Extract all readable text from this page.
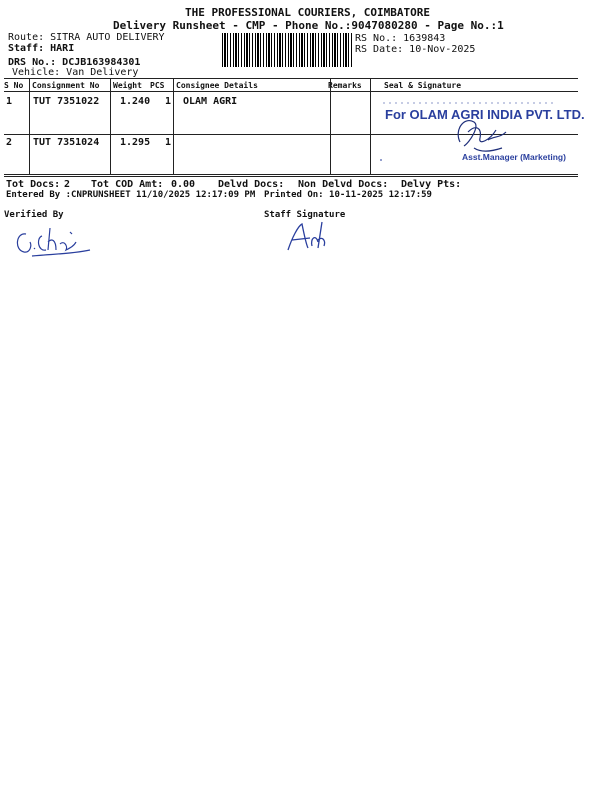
THE PROFESSIONAL COURIERS, COIMBATORE
Delivery Runsheet - CMP - Phone No.:9047080280 - Page No.:1
Route: SITRA AUTO DELIVERY
Staff: HARI
DRS No.: DCJB163984301
Vehicle: Van Delivery
RS No.: 1639843
RS Date: 10-Nov-2025
S No Consignment No Weight PCS Consignee Details	Remarks	Seal & Signature
1 TUT 7351022 1.240 1 OLAM AGRI
2 TUT 7351024 1.295 1
For OLAM AGRI INDIA PVT. LTD.
Asst.Manager (Marketing)
Tot Docs: 2 Tot COD Amt: 0.00 Delvd Docs: Non Delvd Docs: Delvy Pts:
Entered By :CNPRUNSHEET 11/10/2025 12:17:09 PM Printed On: 10-11-2025 12:17:59
Verified By	Staff Signature
